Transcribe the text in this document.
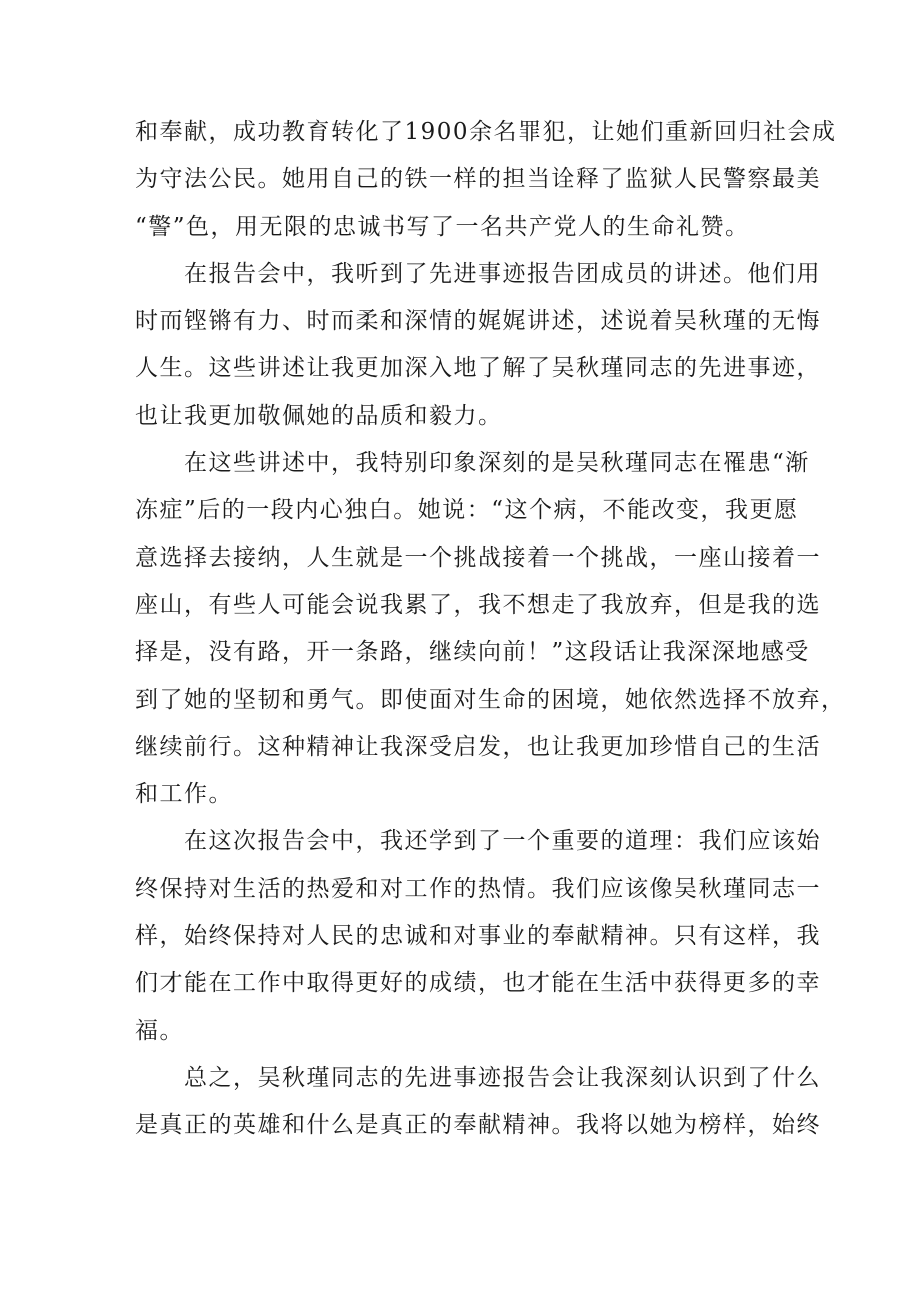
和奉献，成功教育转化了1900余名罪犯，让她们重新回归社会成
为守法公民。她用自己的铁一样的担当诠释了监狱人民警察最美
“警”色，用无限的忠诚书写了一名共产党人的生命礼赞。
在报告会中，我听到了先进事迹报告团成员的讲述。他们用
时而铿锵有力、时而柔和深情的娓娓讲述，述说着吴秋瑾的无悔
人生。这些讲述让我更加深入地了解了吴秋瑾同志的先进事迹，
也让我更加敬佩她的品质和毅力。
在这些讲述中，我特别印象深刻的是吴秋瑾同志在罹患“渐
冻症”后的一段内心独白。她说：“这个病，不能改变，我更愿
意选择去接纳，人生就是一个挑战接着一个挑战，一座山接着一
座山，有些人可能会说我累了，我不想走了我放弃，但是我的选
择是，没有路，开一条路，继续向前！”这段话让我深深地感受
到了她的坚韧和勇气。即使面对生命的困境，她依然选择不放弃，
继续前行。这种精神让我深受启发，也让我更加珍惜自己的生活
和工作。
在这次报告会中，我还学到了一个重要的道理：我们应该始
终保持对生活的热爱和对工作的热情。我们应该像吴秋瑾同志一
样，始终保持对人民的忠诚和对事业的奉献精神。只有这样，我
们才能在工作中取得更好的成绩，也才能在生活中获得更多的幸
福。
总之，吴秋瑾同志的先进事迹报告会让我深刻认识到了什么
是真正的英雄和什么是真正的奉献精神。我将以她为榜样，始终
